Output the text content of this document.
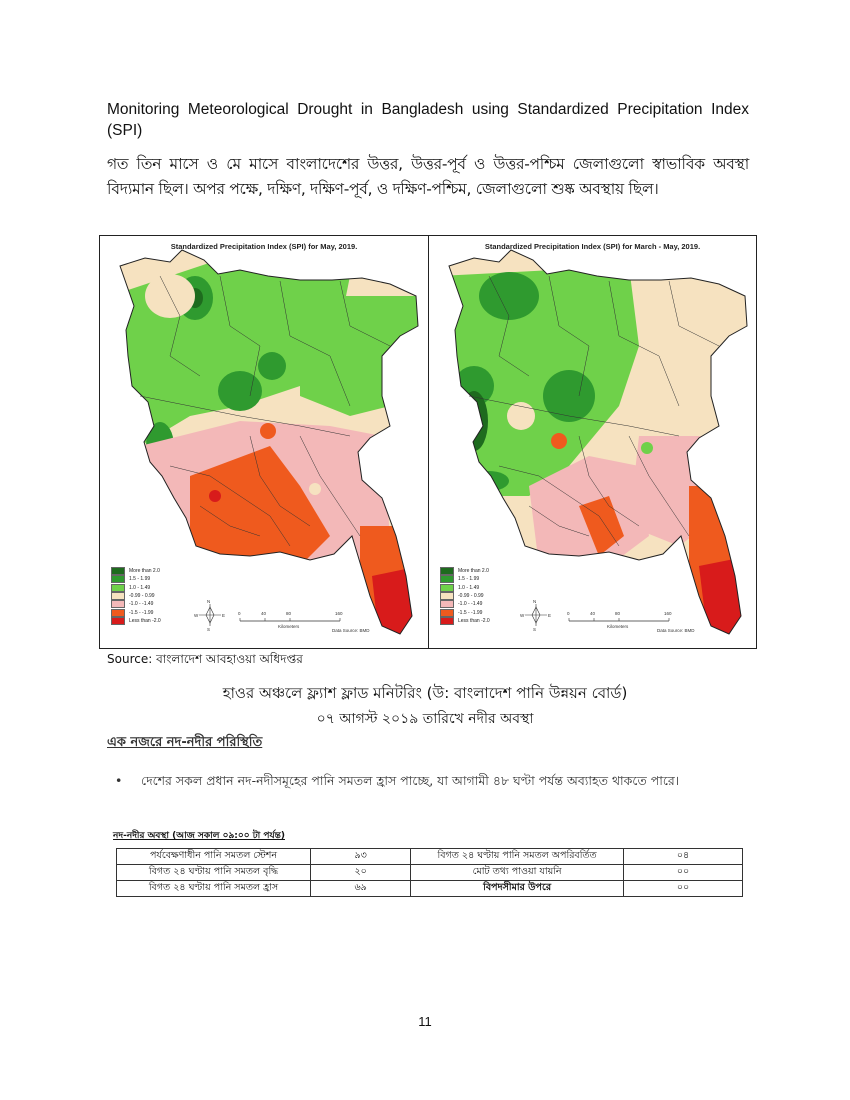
Monitoring Meteorological Drought in Bangladesh using Standardized Precipitation Index (SPI)
গত তিন মাসে ও মে মাসে বাংলাদেশের উত্তর, উত্তর-পূর্ব ও উত্তর-পশ্চিম জেলাগুলো স্বাভাবিক অবস্থা বিদ্যমান ছিল। অপর পক্ষে, দক্ষিণ, দক্ষিণ-পূর্ব, ও দক্ষিণ-পশ্চিম, জেলাগুলো শুষ্ক অবস্থায় ছিল।
Standardized Precipitation Index (SPI) for May, 2019.
More than 2.0
1.5 - 1.99
1.0 - 1.49
-0.99 - 0.99
-1.0 - -1.49
-1.5 - -1.99
Less than -2.0
0	40	80	160
Kilometers
N
S
E
W
Data Source: BMD
Standardized Precipitation Index (SPI) for March - May, 2019.
More than 2.0
1.5 - 1.99
1.0 - 1.49
-0.99 - 0.99
-1.0 - -1.49
-1.5 - -1.99
Less than -2.0
0	40	80	160
Kilometers
N
S
E
W
Data Source: BMD
Source: বাংলাদেশ আবহাওয়া অধিদপ্তর
হাওর অঞ্চলে ফ্ল্যাশ ফ্লাড মনিটরিং (উ: বাংলাদেশ পানি উন্নয়ন বোর্ড)
০৭ আগস্ট ২০১৯ তারিখে নদীর অবস্থা
এক নজরে নদ-নদীর পরিস্থিতি
•	দেশের সকল প্রধান নদ-নদীসমূহের পানি সমতল হ্রাস পাচ্ছে, যা আগামী ৪৮ ঘণ্টা পর্যন্ত অব্যাহত থাকতে পারে।
নদ-নদীর অবস্থা (আজ সকাল ০৯:০০ টা পর্যন্ত)
পর্যবেক্ষণাধীন পানি সমতল স্টেশন	৯৩	বিগত ২৪ ঘণ্টায় পানি সমতল অপরিবর্তিত	০৪
বিগত ২৪ ঘণ্টায় পানি সমতল বৃদ্ধি	২০	মোট তথ্য পাওয়া যায়নি	০০
বিগত ২৪ ঘণ্টায় পানি সমতল হ্রাস	৬৯	বিপদসীমার উপরে	০০
11
